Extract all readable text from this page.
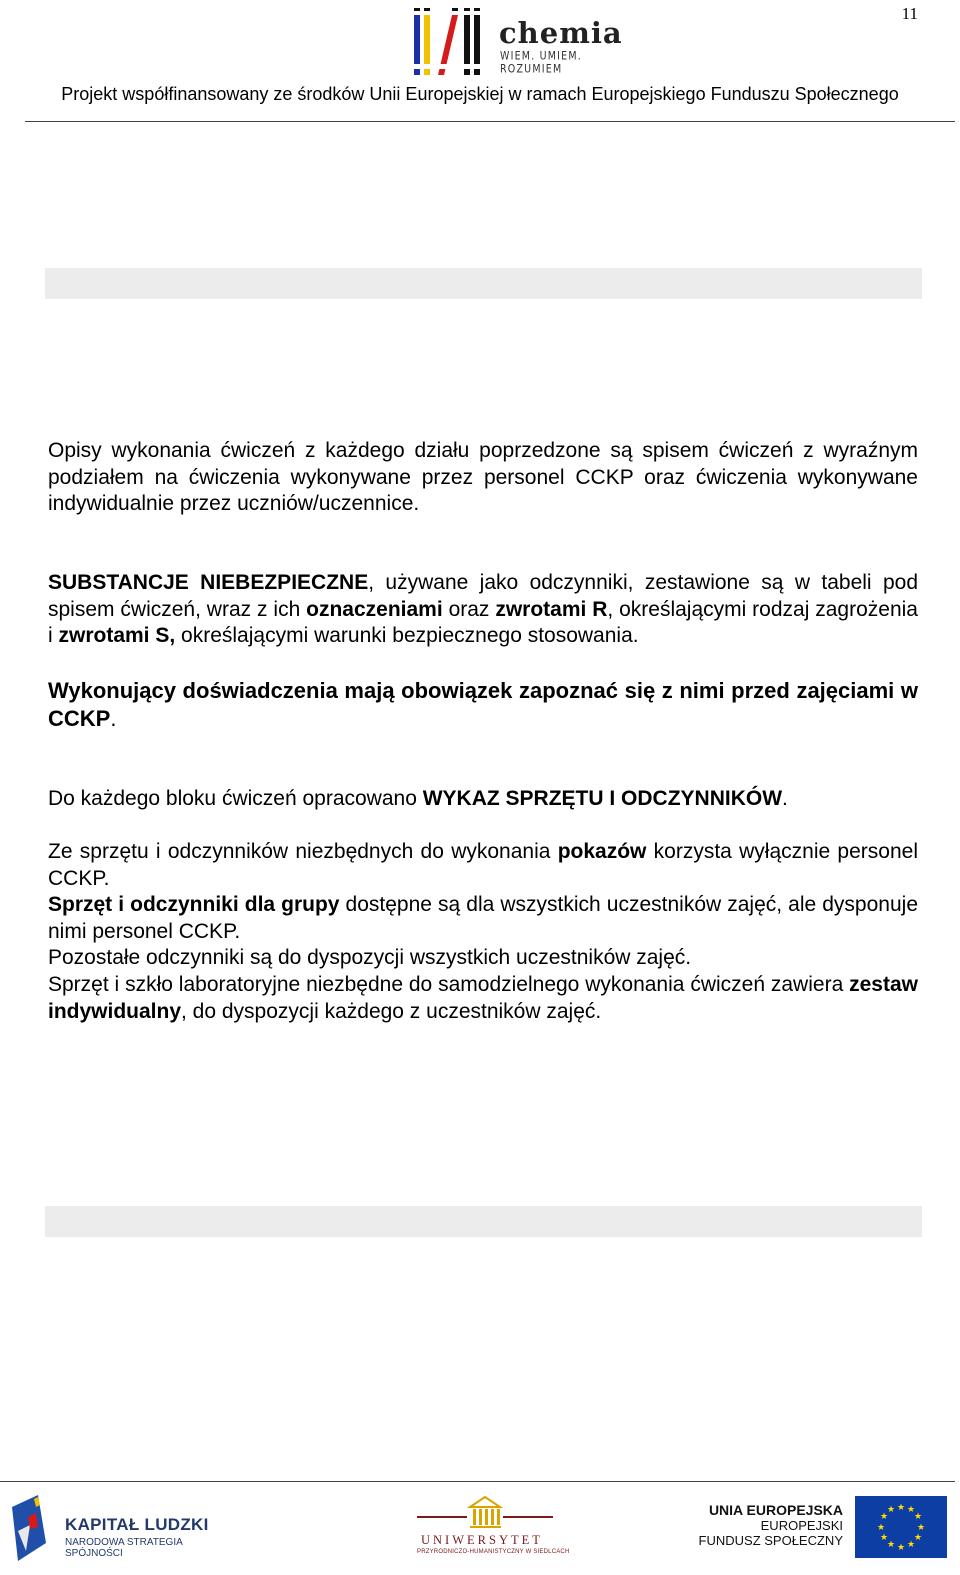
11
chemia
WIEM. UMIEM. ROZUMIEM
Projekt współfinansowany ze środków Unii Europejskiej w ramach Europejskiego Funduszu Społecznego

Opisy wykonania ćwiczeń z każdego działu poprzedzone są spisem ćwiczeń z wyraźnym podziałem na ćwiczenia wykonywane przez personel CCKP oraz ćwiczenia wykonywane indywidualnie przez uczniów/uczennice.

SUBSTANCJE NIEBEZPIECZNE, używane jako odczynniki, zestawione są w tabeli pod spisem ćwiczeń, wraz z ich oznaczeniami oraz zwrotami R, określającymi rodzaj zagrożenia i zwrotami S, określającymi warunki bezpiecznego stosowania.

Wykonujący doświadczenia mają obowiązek zapoznać się z nimi przed zajęciami w CCKP.

Do każdego bloku ćwiczeń opracowano WYKAZ SPRZĘTU I ODCZYNNIKÓW.

Ze sprzętu i odczynników niezbędnych do wykonania pokazów korzysta wyłącznie personel CCKP.

Sprzęt i odczynniki dla grupy dostępne są dla wszystkich uczestników zajęć, ale dysponuje nimi personel CCKP.

Pozostałe odczynniki są do dyspozycji wszystkich uczestników zajęć.

Sprzęt i szkło laboratoryjne niezbędne do samodzielnego wykonania ćwiczeń zawiera zestaw indywidualny, do dyspozycji każdego z uczestników zajęć.

KAPITAŁ LUDZKI
NARODOWA STRATEGIA SPÓJNOŚCI
UNIWERSYTET
PRZYRODNICZO-HUMANISTYCZNY W SIEDLCACH
UNIA EUROPEJSKA
EUROPEJSKI
FUNDUSZ SPOŁECZNY
★ ★
★
★
★
★
★
★
★
★
★
★
